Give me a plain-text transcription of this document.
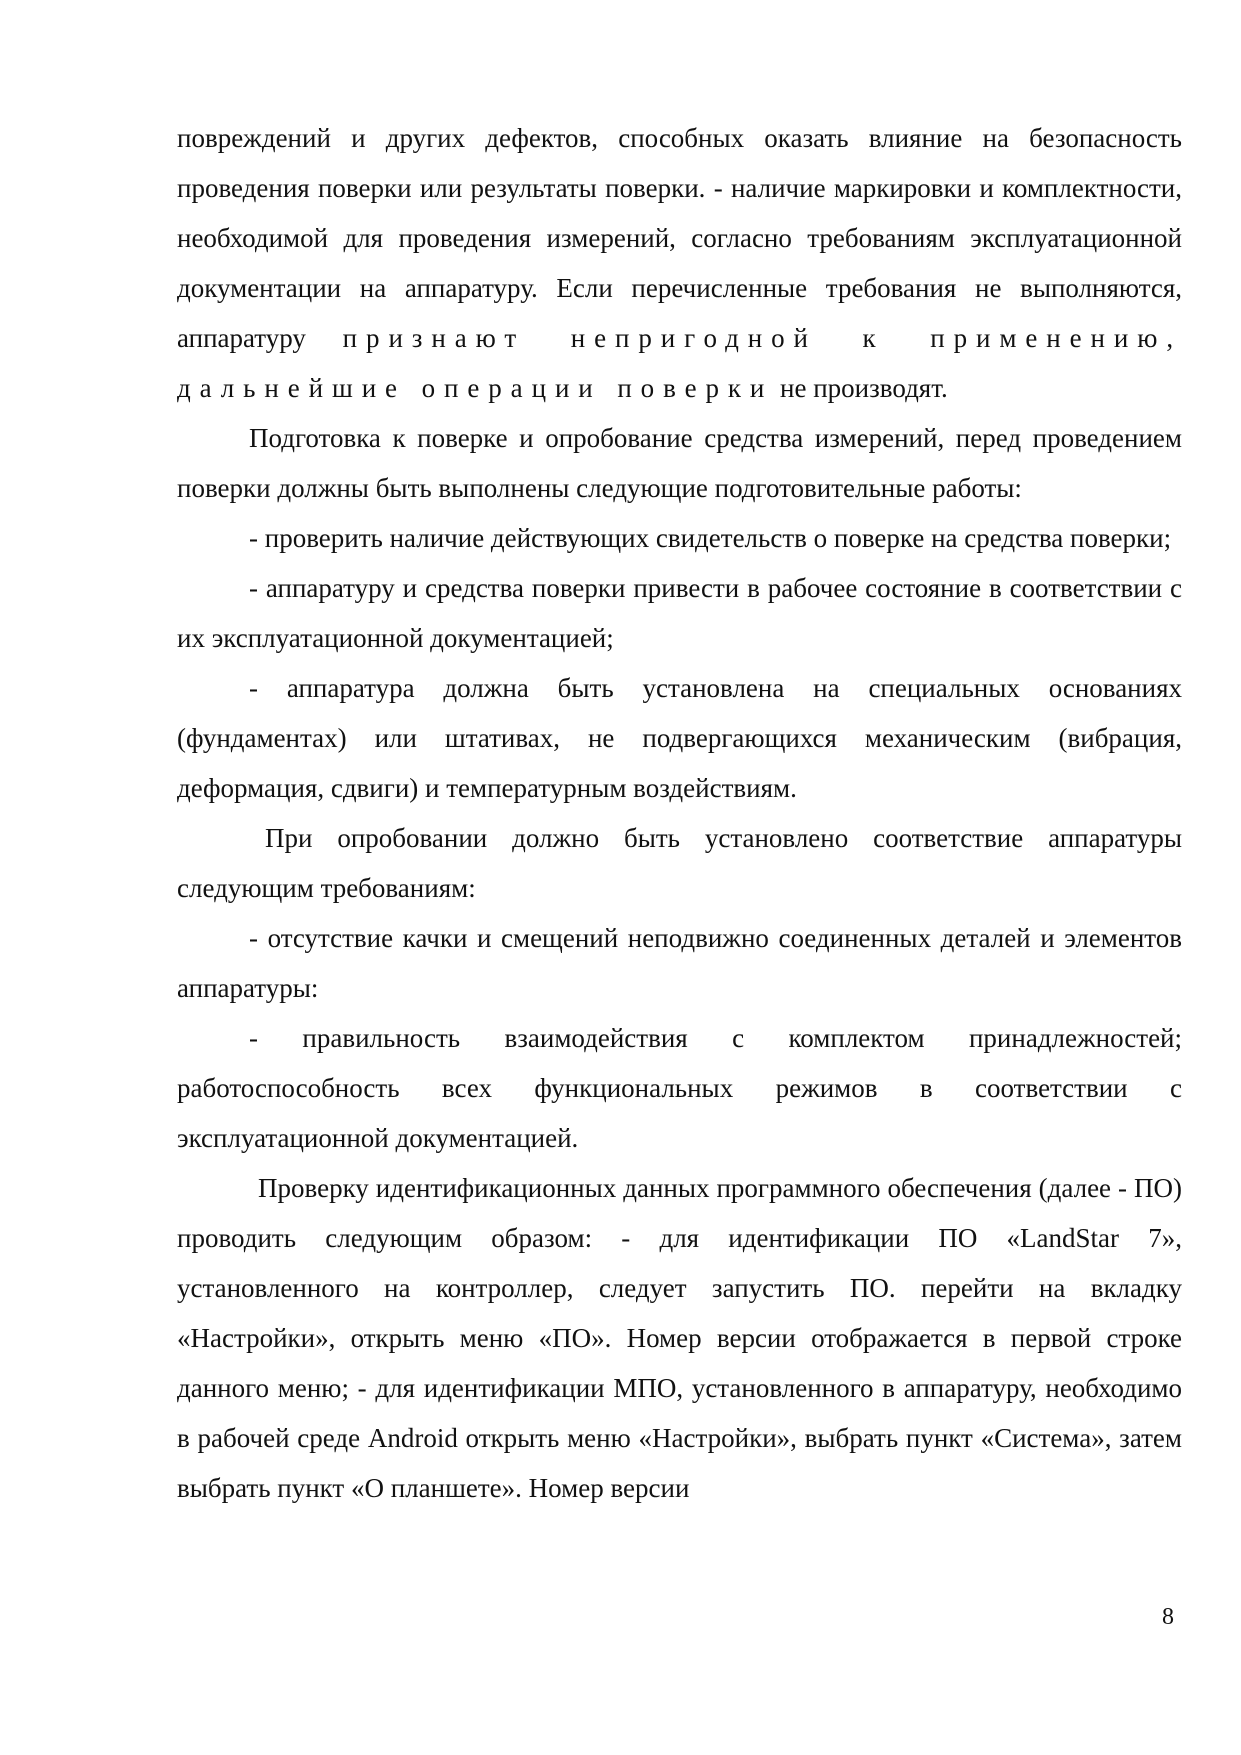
повреждений и других дефектов, способных оказать влияние на безопасность проведения поверки или результаты поверки. - наличие маркировки и комплектности, необходимой для проведения измерений, согласно требованиям эксплуатационной документации на аппаратуру. Если перечисленные требования не выполняются, аппаратуру признают непригодной к применению, дальнейшие операции поверки не производят.

Подготовка к поверке и опробование средства измерений, перед проведением поверки должны быть выполнены следующие подготовительные работы:

- проверить наличие действующих свидетельств о поверке на средства поверки;

- аппаратуру и средства поверки привести в рабочее состояние в соответствии с их эксплуатационной документацией;

- аппаратура должна быть установлена на специальных основаниях (фундаментах) или штативах, не подвергающихся механическим (вибрация, деформация, сдвиги) и температурным воздействиям.

При опробовании должно быть установлено соответствие аппаратуры следующим требованиям:

- отсутствие качки и смещений неподвижно соединенных деталей и элементов аппаратуры:

- правильность взаимодействия с комплектом принадлежностей; работоспособность всех функциональных режимов в соответствии с эксплуатационной документацией.

Проверку идентификационных данных программного обеспечения (далее - ПО) проводить следующим образом: - для идентификации ПО «LandStar 7», установленного на контроллер, следует запустить ПО. перейти на вкладку «Настройки», открыть меню «ПО». Номер версии отображается в первой строке данного меню; - для идентификации МПО, установленного в аппаратуру, необходимо в рабочей среде Android открыть меню «Настройки», выбрать пункт «Система», затем выбрать пункт «О планшете». Номер версии

8
